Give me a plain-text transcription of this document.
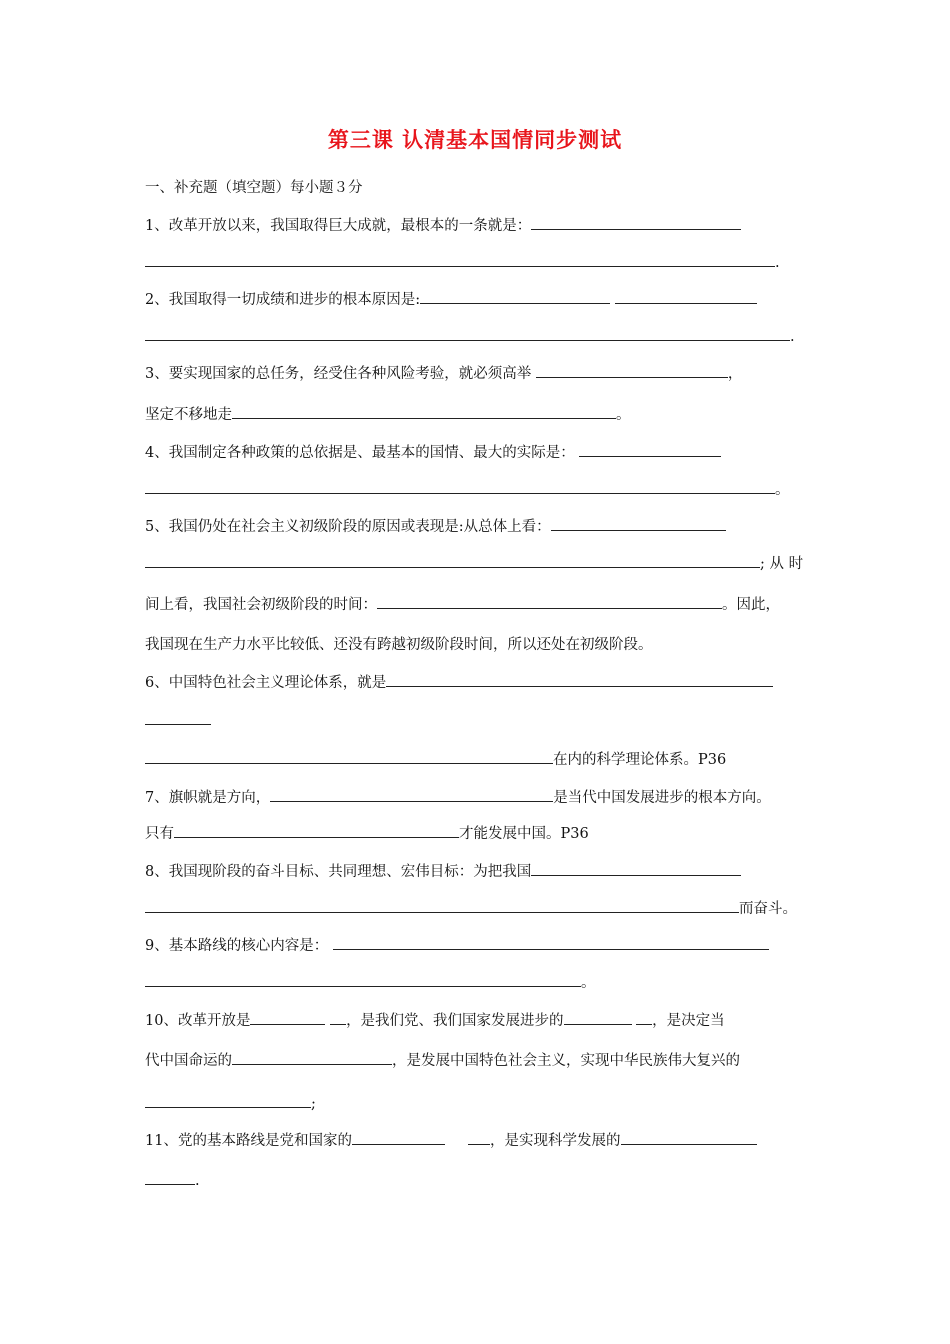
第三课 认清基本国情同步测试
一、补充题（填空题）每小题３分
1、改革开放以来，我国取得巨大成就，最根本的一条就是：
.
2、我国取得一切成绩和进步的根本原因是:
.
3、要实现国家的总任务，经受住各种风险考验，就必须高举	，
坚定不移地走	。
4、我国制定各种政策的总依据是、最基本的国情、最大的实际是：
。
5、我国仍处在社会主义初级阶段的原因或表现是:从总体上看：
; 从 时
间上看，我国社会初级阶段的时间：	。因此，
我国现在生产力水平比较低、还没有跨越初级阶段时间，所以还处在初级阶段。
6、中国特色社会主义理论体系，就是
在内的科学理论体系。P36
7、旗帜就是方向，	是当代中国发展进步的根本方向。
只有	才能发展中国。P36
8、我国现阶段的奋斗目标、共同理想、宏伟目标：为把我国
而奋斗。
9、基本路线的核心内容是：
。
10、改革开放是	，是我们党、我们国家发展进步的	，是决定当
代中国命运的	，是发展中国特色社会主义，实现中华民族伟大复兴的
;
11、党的基本路线是党和国家的	，是实现科学发展的
.
